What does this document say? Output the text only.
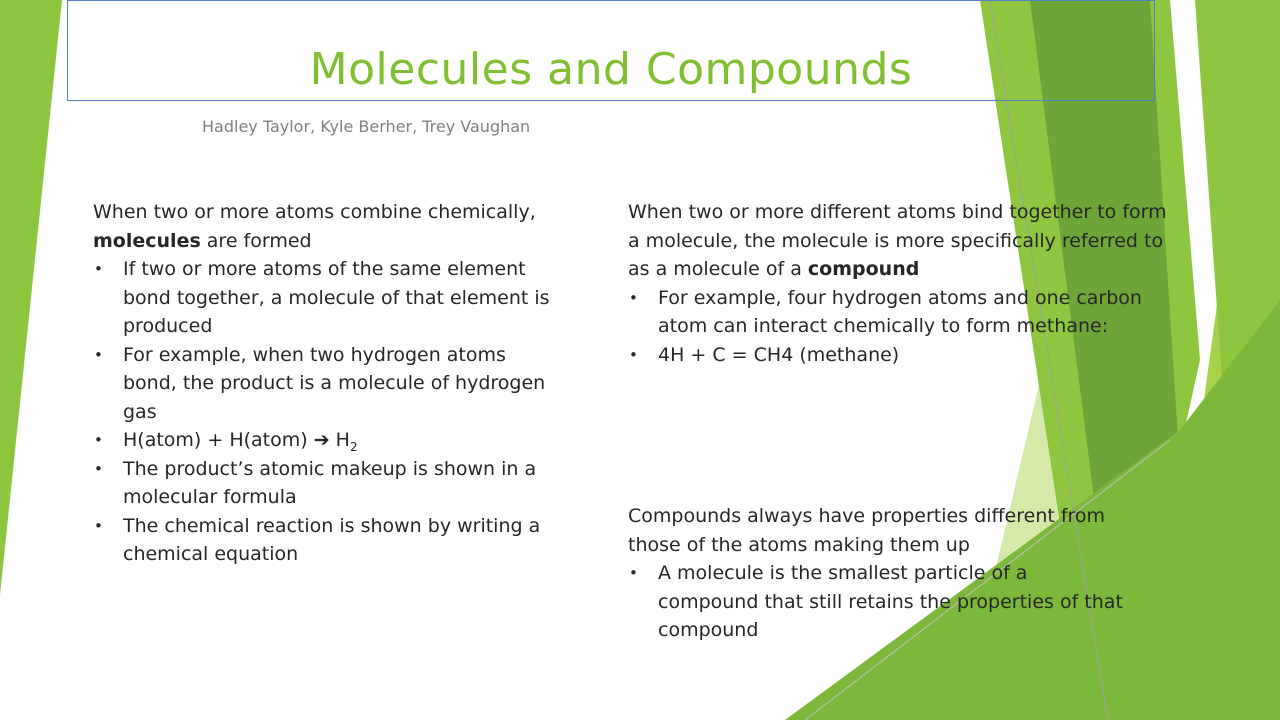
Molecules and Compounds

Hadley Taylor, Kyle Berher, Trey Vaughan

When two or more atoms combine chemically, molecules are formed

• If two or more atoms of the same element bond together, a molecule of that element is produced
• For example, when two hydrogen atoms bond, the product is a molecule of hydrogen gas
• H(atom) + H(atom) ➔ $H_2$
• The product’s atomic makeup is shown in a molecular formula
• The chemical reaction is shown by writing a chemical equation

When two or more different atoms bind together to form a molecule, the molecule is more specifically referred to as a molecule of a compound

• For example, four hydrogen atoms and one carbon atom can interact chemically to form methane:
• 4H + C = CH4 (methane)

Compounds always have properties different from those of the atoms making them up

• A molecule is the smallest particle of a compound that still retains the properties of that compound
